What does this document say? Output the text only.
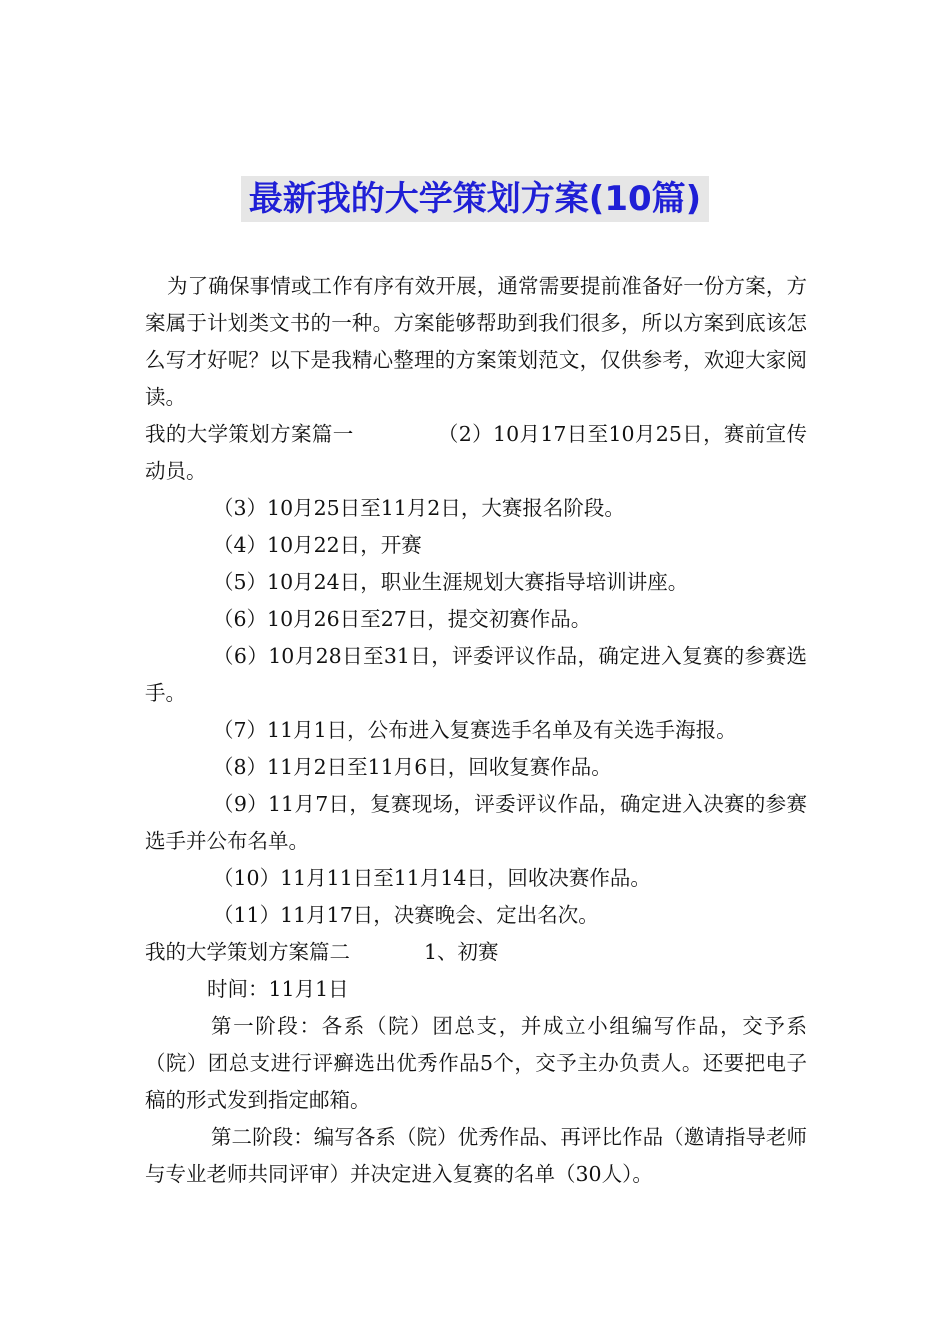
最新我的大学策划方案(10篇)

为了确保事情或工作有序有效开展，通常需要提前准备好一份方案，方案属于计划类文书的一种。方案能够帮助到我们很多，所以方案到底该怎么写才好呢？以下是我精心整理的方案策划范文，仅供参考，欢迎大家阅读。

我的大学策划方案篇一	（2）10月17日至10月25日，赛前宣传动员。

（3）10月25日至11月2日，大赛报名阶段。

（4）10月22日，开赛

（5）10月24日，职业生涯规划大赛指导培训讲座。

（6）10月26日至27日，提交初赛作品。

（6）10月28日至31日，评委评议作品，确定进入复赛的参赛选手。

（7）11月1日，公布进入复赛选手名单及有关选手海报。

（8）11月2日至11月6日，回收复赛作品。

（9）11月7日，复赛现场，评委评议作品，确定进入决赛的参赛选手并公布名单。

（10）11月11日至11月14日，回收决赛作品。

（11）11月17日，决赛晚会、定出名次。

我的大学策划方案篇二	1、初赛

时间：11月1日

第一阶段：各系（院）团总支，并成立小组编写作品，交予系（院）团总支进行评癣选出优秀作品5个，交予主办负责人。还要把电子稿的形式发到指定邮箱。

第二阶段：编写各系（院）优秀作品、再评比作品（邀请指导老师与专业老师共同评审）并决定进入复赛的名单（30人）。
